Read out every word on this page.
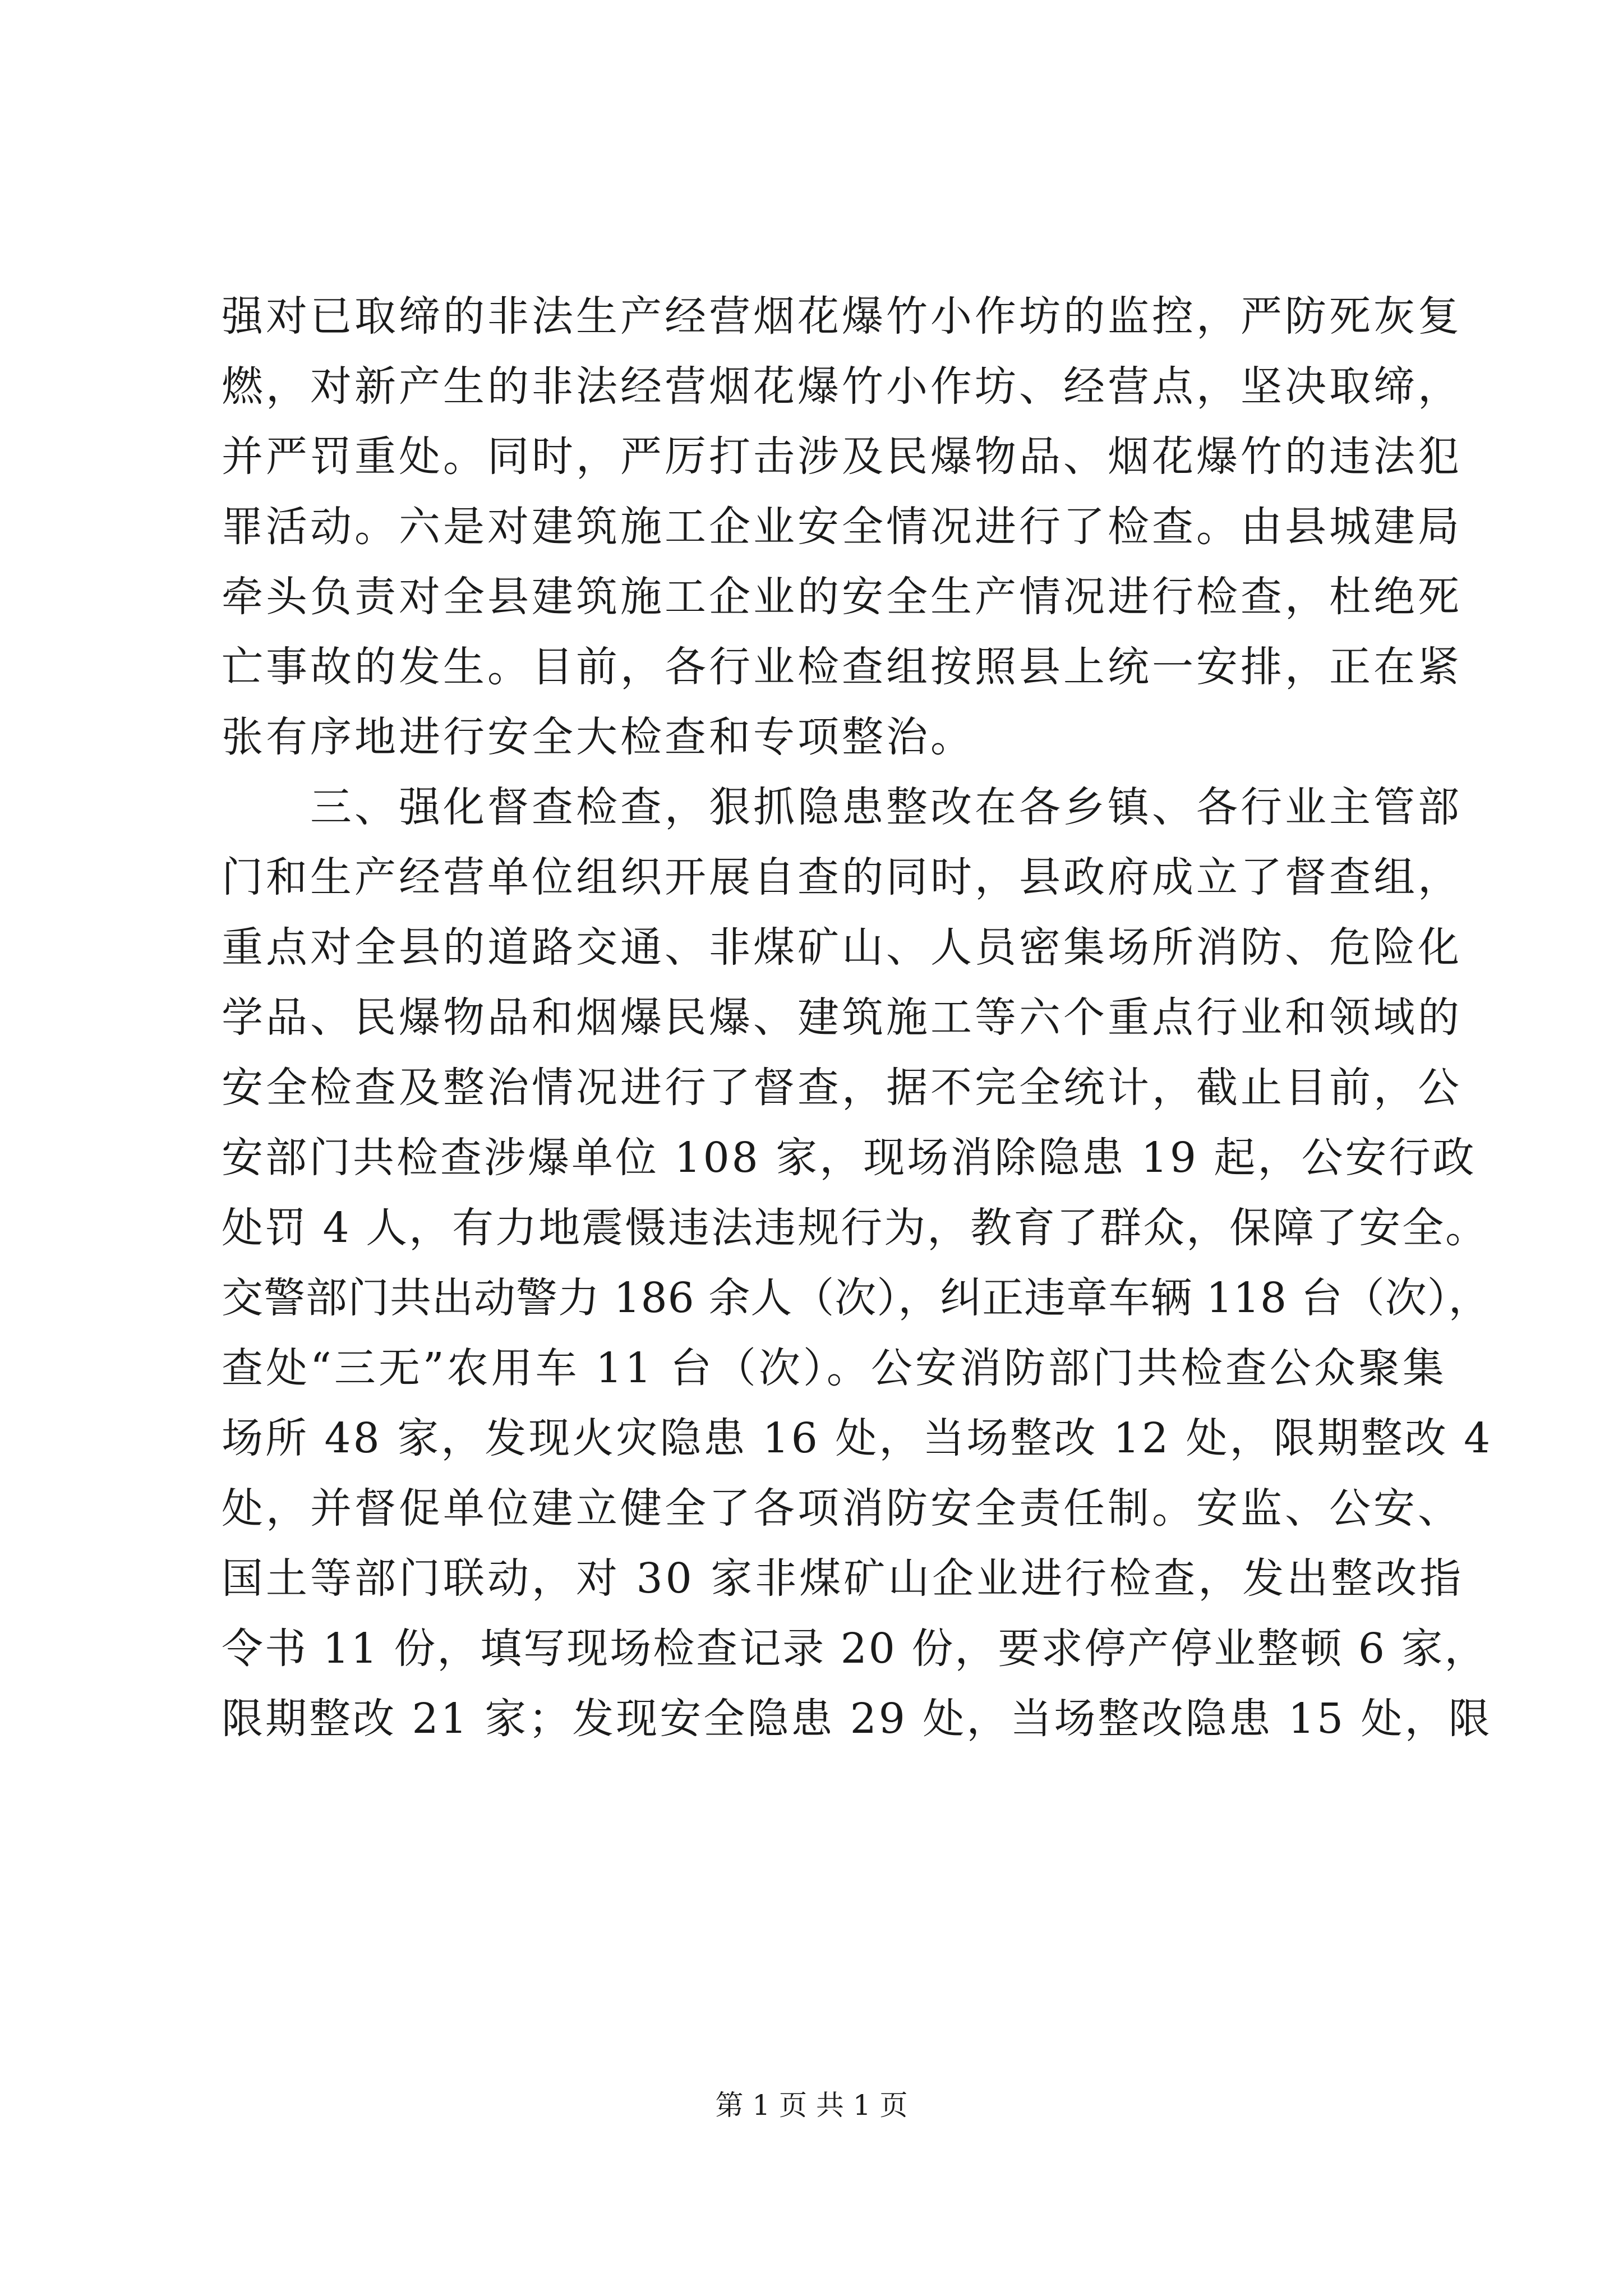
强对已取缔的非法生产经营烟花爆竹小作坊的监控，严防死灰复
燃，对新产生的非法经营烟花爆竹小作坊、经营点，坚决取缔，
并严罚重处。同时，严厉打击涉及民爆物品、烟花爆竹的违法犯
罪活动。六是对建筑施工企业安全情况进行了检查。由县城建局
牵头负责对全县建筑施工企业的安全生产情况进行检查，杜绝死
亡事故的发生。目前，各行业检查组按照县上统一安排，正在紧
张有序地进行安全大检查和专项整治。
　　三、强化督查检查，狠抓隐患整改在各乡镇、各行业主管部
门和生产经营单位组织开展自查的同时，县政府成立了督查组，
重点对全县的道路交通、非煤矿山、人员密集场所消防、危险化
学品、民爆物品和烟爆民爆、建筑施工等六个重点行业和领域的
安全检查及整治情况进行了督查，据不完全统计，截止目前，公
安部门共检查涉爆单位 108 家，现场消除隐患 19 起，公安行政
处罚 4 人，有力地震慑违法违规行为，教育了群众，保障了安全。
交警部门共出动警力 186 余人（次），纠正违章车辆 118 台（次），
查处“三无”农用车 11 台（次）。公安消防部门共检查公众聚集
场所 48 家，发现火灾隐患 16 处，当场整改 12 处，限期整改 4
处，并督促单位建立健全了各项消防安全责任制。安监、公安、
国土等部门联动，对 30 家非煤矿山企业进行检查，发出整改指
令书 11 份，填写现场检查记录 20 份，要求停产停业整顿 6 家，
限期整改 21 家；发现安全隐患 29 处，当场整改隐患 15 处，限
第 1 页 共 1 页
